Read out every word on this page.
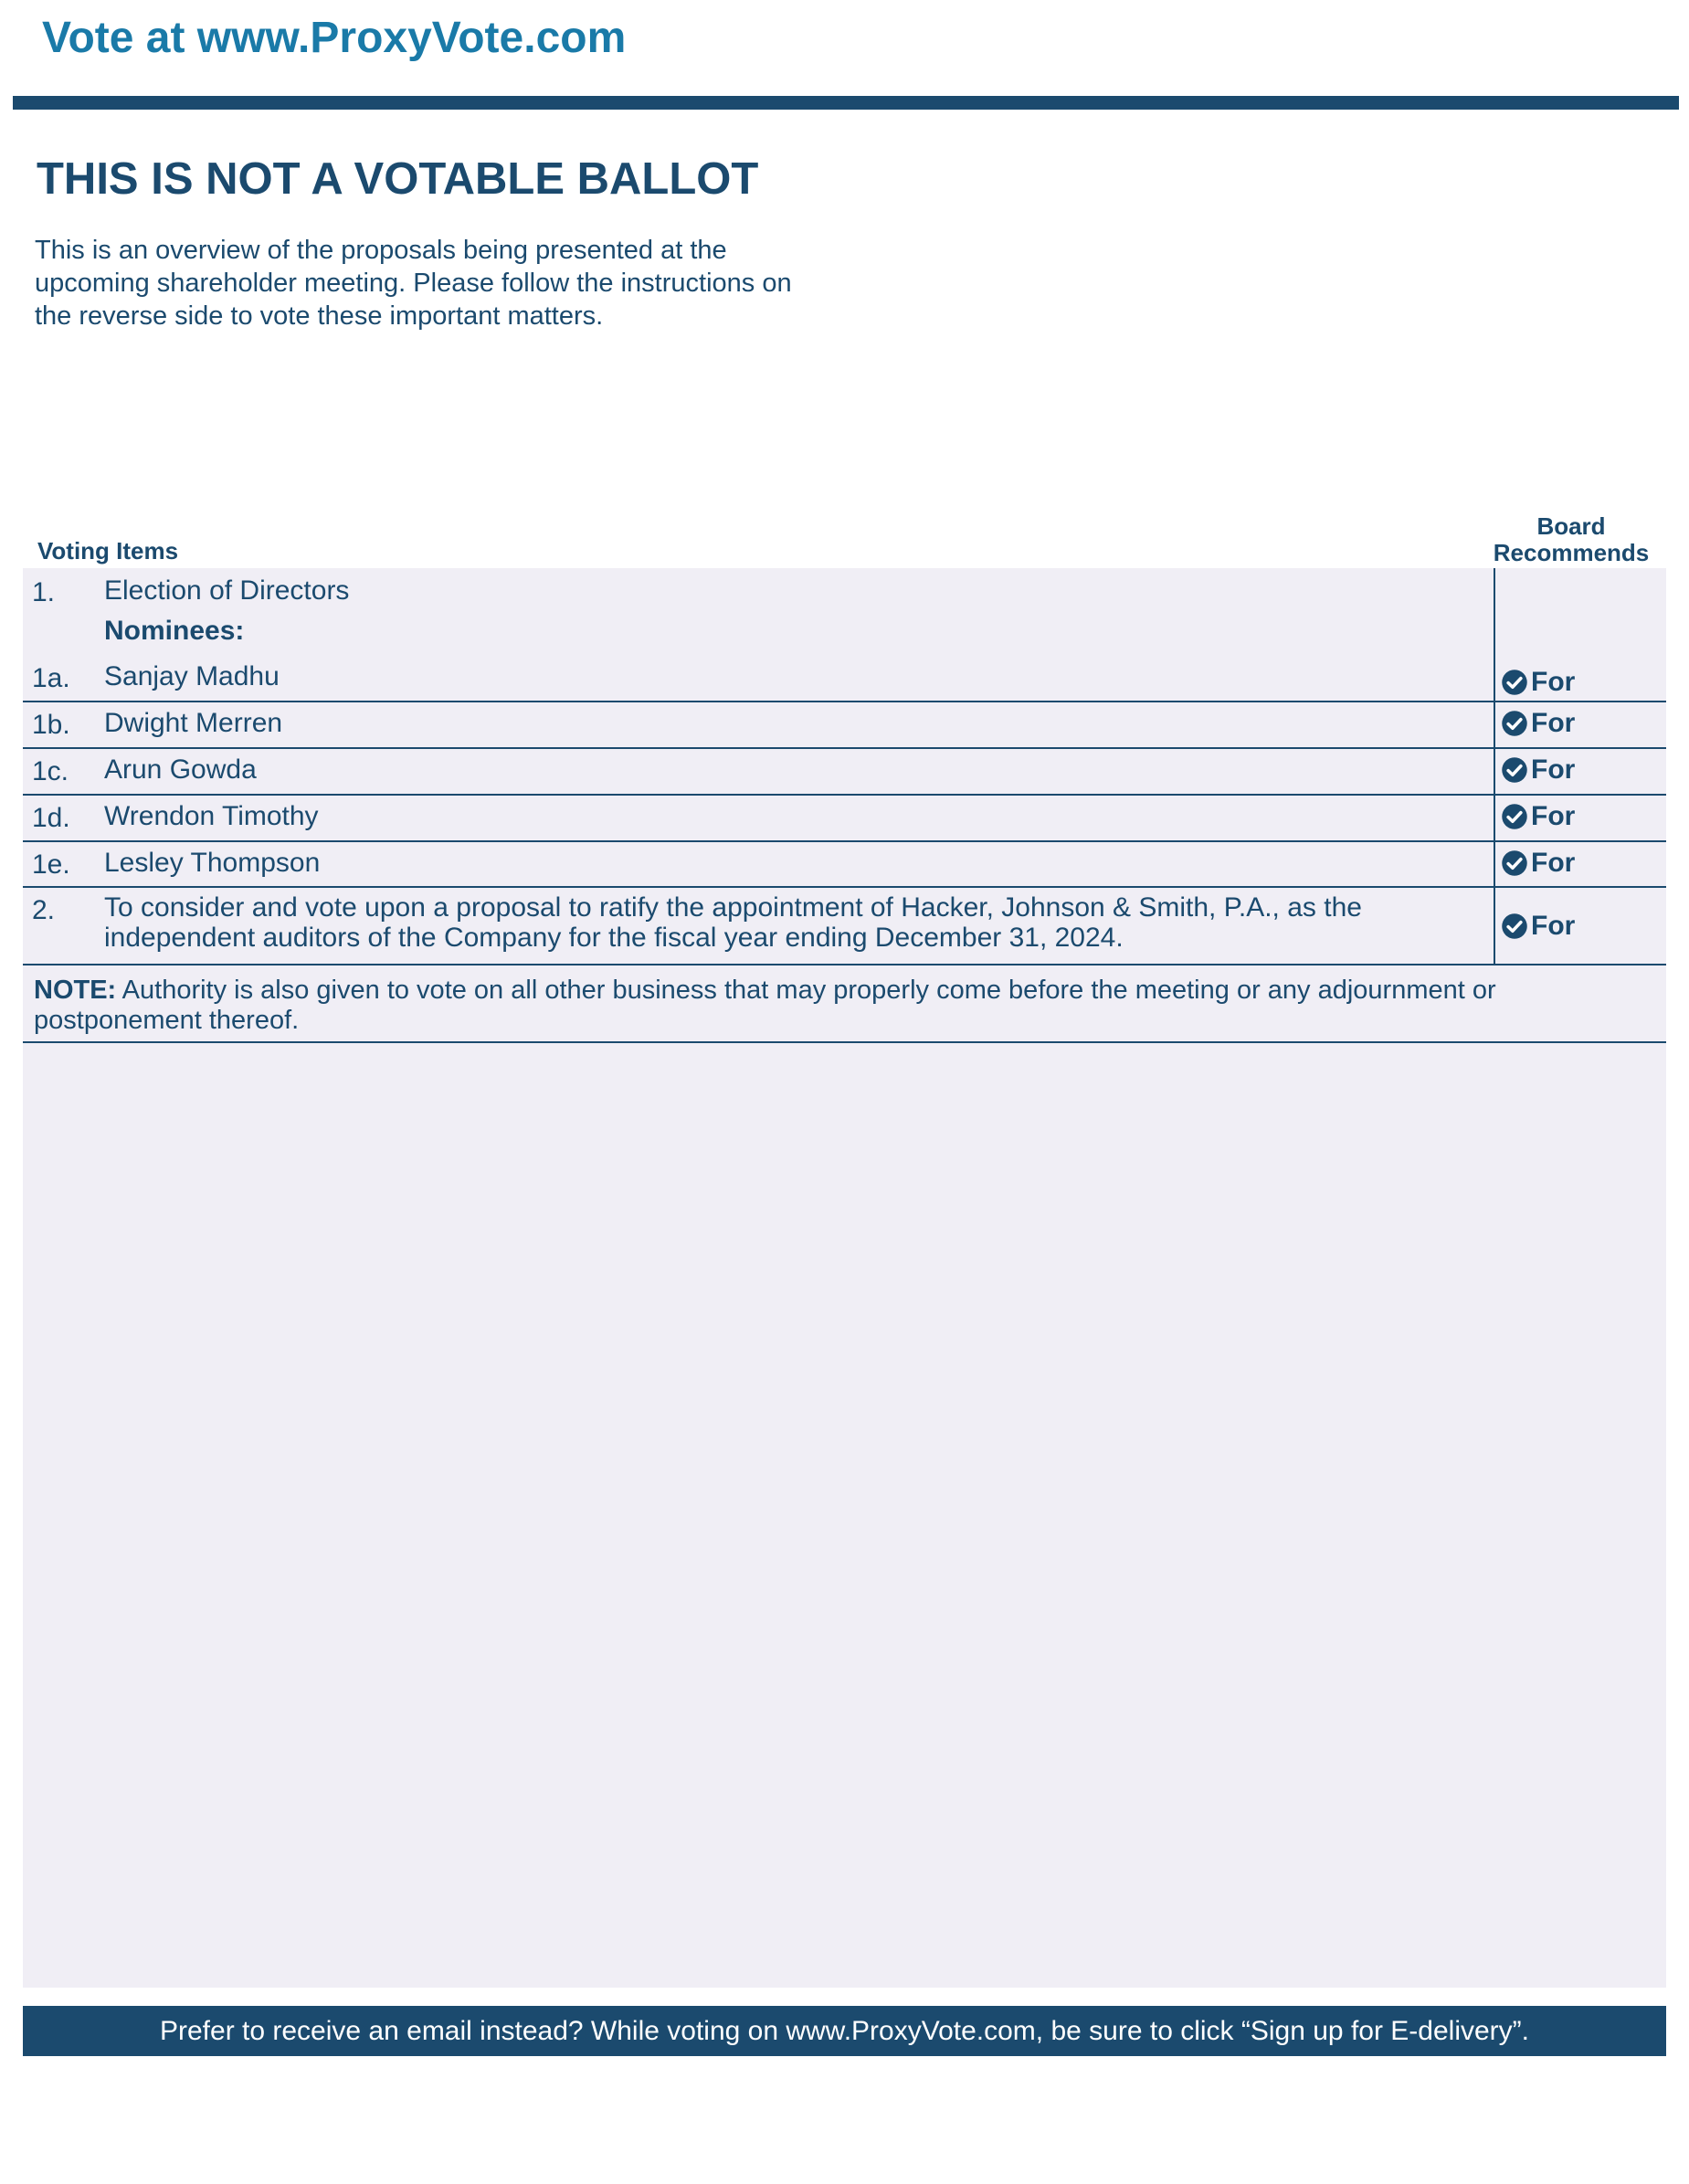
Vote at www.ProxyVote.com
THIS IS NOT A VOTABLE BALLOT
This is an overview of the proposals being presented at the
upcoming shareholder meeting. Please follow the instructions on
the reverse side to vote these important matters.
Voting Items
Board
Recommends
1. Election of Directors
Nominees:
1a. Sanjay Madhu	For
1b. Dwight Merren	For
1c. Arun Gowda	For
1d. Wrendon Timothy	For
1e. Lesley Thompson	For
2. To consider and vote upon a proposal to ratify the appointment of Hacker, Johnson & Smith, P.A., as the
independent auditors of the Company for the fiscal year ending December 31, 2024.	For
NOTE: Authority is also given to vote on all other business that may properly come before the meeting or any adjournment or postponement thereof.
Prefer to receive an email instead? While voting on www.ProxyVote.com, be sure to click “Sign up for E-delivery”.
